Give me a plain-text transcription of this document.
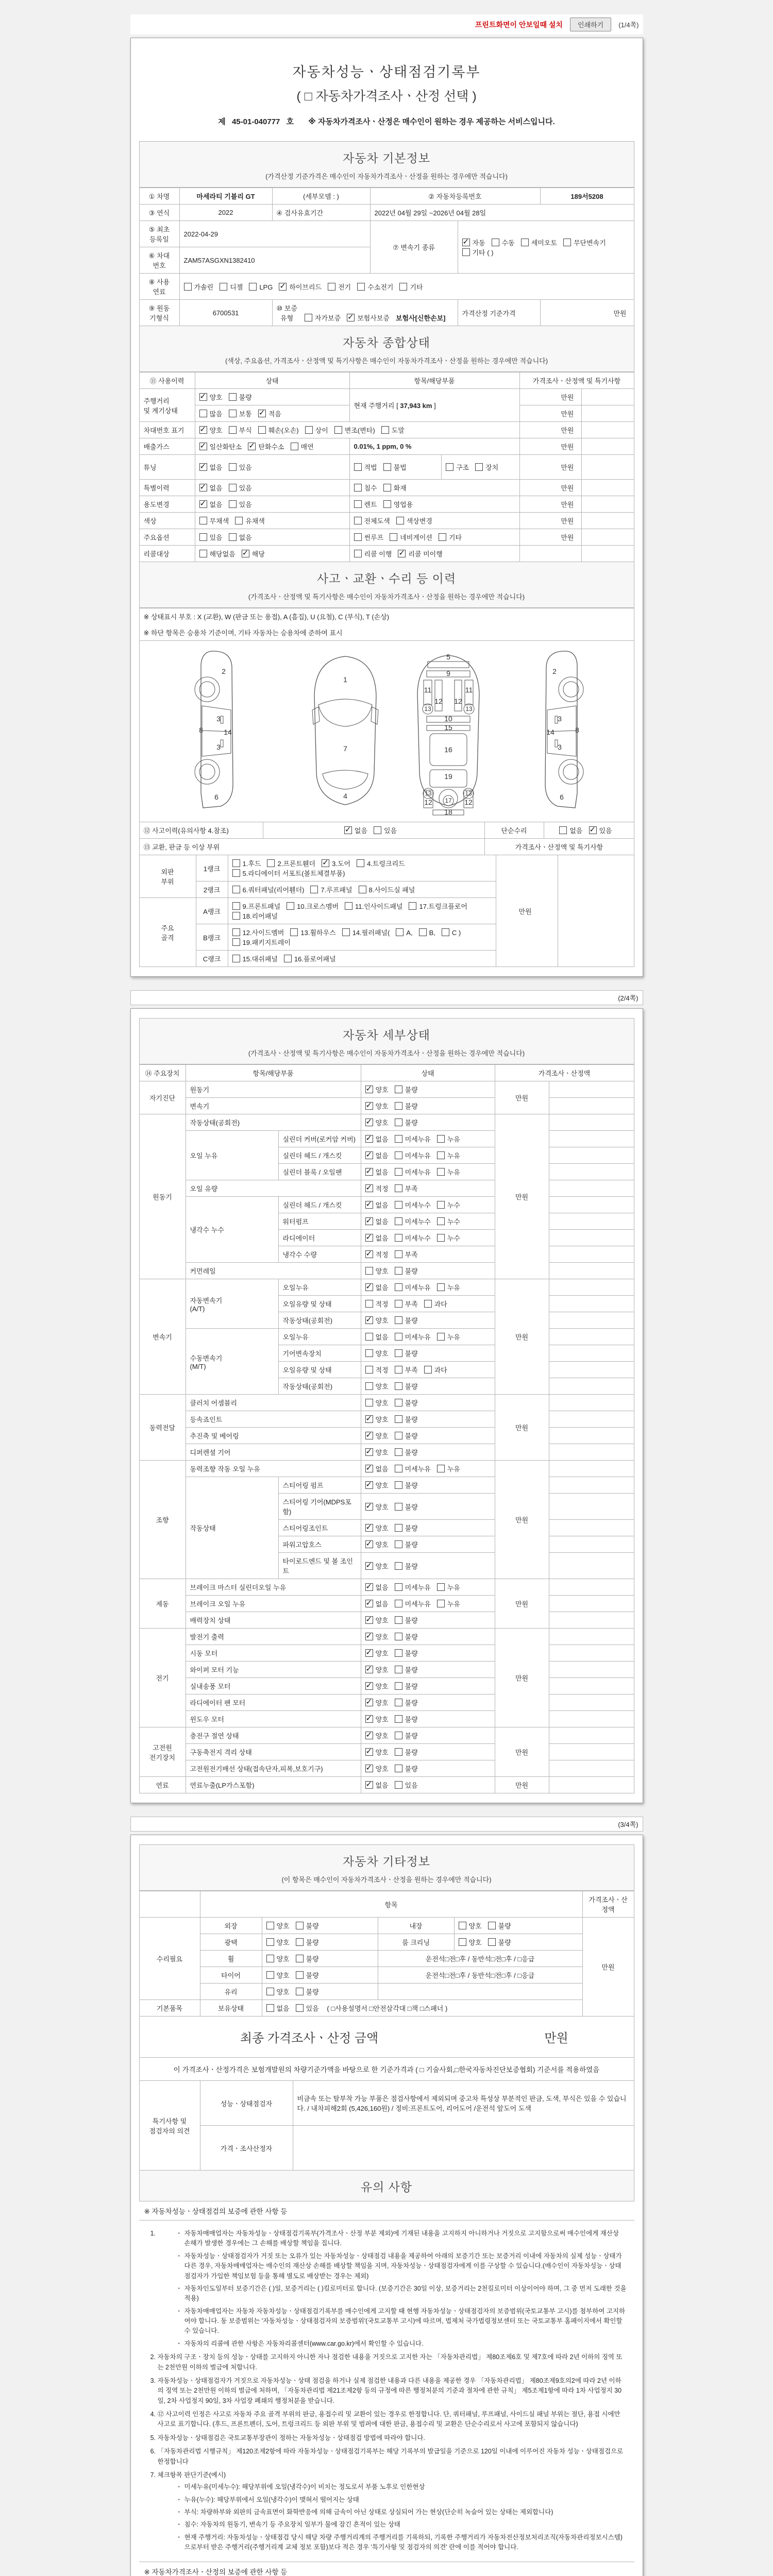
프린트화면이 안보일때 설치	인쇄하기	(1/4쪽)
자동차성능ㆍ상태점검기록부
( □ 자동차가격조사ㆍ산정 선택 )
제 45-01-040777 호 ※ 자동차가격조사ㆍ산정은 매수인이 원하는 경우 제공하는 서비스입니다.
자동차 기본정보
(가격산정 기준가격은 매수인이 자동차가격조사ㆍ산정을 원하는 경우에만 적습니다)
① 차명	마세라티 기블리 GT	(세부모델 : )	② 자동차등록번호		189서5208
③ 연식	2022	④ 검사유효기간	2022년 04월 29일 ~2026년 04월 28일		
⑤ 최초
등록일	2022-04-29		⑦ 변속기 종류	✓자동 수동 세미오토 무단변속기
기타 ( )
⑥ 차대
번호	ZAM57ASGXN1382410				
⑧ 사용
연료	가솔린 디젤 LPG ✓ 하이브리드 전기 수소전기 기타
⑨ 원동
기형식	6700531	⑩ 보증
유형 자가보증 ✓ 보험사보증 보험사[신한손보]		가격산정 기준가격	만원
자동차 종합상태
(색상, 주요옵션, 가격조사ㆍ산정액 및 특기사항은 매수인이 자동차가격조사ㆍ산정을 원하는 경우에만 적습니다)
⑪ 사용이력	상태	항목/해당부품	가격조사ㆍ산정액 및 특기사항	
주행거리
및 계기상태	✓양호 불량	현재 주행거리 [ 37,943 km ]	만원	
	많음 보통 ✓ 적음		만원	
차대번호 표기	✓양호 부식 훼손(오손) 상이 변조(변타) 도말		만원	
배출가스	✓일산화탄소 ✓ 탄화수소 매연	0.01%, 1 ppm, 0 %	만원	
튜닝	✓없음 있음	적법 불법 구조 장치	만원	
특별이력	✓없음 있음	침수 화재	만원	
용도변경	✓없음 있음	렌트 영업용	만원	
색상	무채색 유채색	전체도색 색상변경	만원	
주요옵션	있음 없음	썬루프 네비게이션 기타	만원	
리콜대상	해당없음 ✓ 해당	리콜 이행 ✓ 리콜 미이행		
사고ㆍ교환ㆍ수리 등 이력
(가격조사ㆍ산정액 및 특기사항은 매수인이 자동차가격조사ㆍ산정을 원하는 경우에만 적습니다)
※ 상태표시 부호 : X (교환), W (판금 또는 용접), A (흠집), U (요철), C (부식), T (손상)
※ 하단 항목은 승용차 기준이며, 기타 자동차는 승용차에 준하여 표시

2
3
8	14
3
6
1
7
4
5
9
11	11
12 12
13	13
10
15
16
19
13	13
17
12	12
18
2
3
8
14
3
6
⑫ 사고이력(유의사항 4.참조)	✓없음 있음	단순수리	없음 ✓ 있음
⑬ 교환, 판금 등 이상 부위		가격조사ㆍ산정액 및 특기사항	
외판
부위	1랭크	1.후드 2.프론트휀더 ✓ 3.도어 4.트렁크리드5.라디에이터 서포트(볼트체결부품)	만원	
	2랭크	6.쿼터패널(리어휀더) 7.루프패널 8.사이드실 패널		
주요
골격	A랭크	9.프론트패널 10.크로스멤버 11.인사이드패널 17.트렁크플로어18.리어패널		
	B랭크	12.사이드멤버 13.휠하우스 14.필러패널( A, B, C )19.패키지트레이		
	C랭크	15.대쉬패널 16.플로어패널		
(2/4쪽)
자동차 세부상태
(가격조사ㆍ산정액 및 특기사항은 매수인이 자동차가격조사ㆍ산정을 원하는 경우에만 적습니다)
⑭ 주요장치	항목/해당부품		상태	가격조사ㆍ산정액	
자기진단	원동기	✓양호 불량	만원	
	변속기	✓양호 불량	
원동기	작동상태(공회전)	✓양호 불량	만원	
	오일 누유	실린더 커버(로커암 커버)	✓없음 미세누유 누유	
		실린더 헤드 / 개스킷	✓없음 미세누유 누유	
		실린더 블록 / 오일팬	✓없음 미세누유 누유	
	오일 유량	✓적정 부족	
	냉각수 누수	실린더 헤드 / 개스킷	✓없음 미세누수 누수	
		워터펌프	✓없음 미세누수 누수	
		라디에이터	✓없음 미세누수 누수	
		냉각수 수량	✓적정 부족	
	커먼레일		양호 불량		
변속기	자동변속기
(A/T)	오일누유	✓없음 미세누유 누유	만원	
		오일유량 및 상태	적정 부족 과다		
		작동상태(공회전)	✓양호 불량	
	수동변속기
(M/T)	오일누유	없음 미세누유 누유		
		기어변속장치	양호 불량		
		오일유량 및 상태	적정 부족 과다		
		작동상태(공회전)	양호 불량		
동력전달	클러치 어셈블리		양호 불량	만원	
	등속죠인트	✓양호 불량	
	추진축 및 베어링	✓양호 불량	
	디퍼렌셜 기어	✓양호 불량	
조향	동력조향 작동 오일 누유	✓없음 미세누유 누유	만원	
	작동상태	스티어링 펌프	✓양호 불량	
		스티어링 기어(MDPS포함)	✓양호 불량	
		스티어링조인트	✓양호 불량	
		파워고압호스	✓양호 불량	
		타이로드엔드 및 볼 조인트	✓양호 불량	
제동	브레이크 마스터 실린더오일 누유	✓없음 미세누유 누유	만원	
	브레이크 오일 누유	✓없음 미세누유 누유	
	배력장치 상태	✓양호 불량	
전기	발전기 출력	✓양호 불량	만원	
	시동 모터	✓양호 불량	
	와이퍼 모터 기능	✓양호 불량	
	실내송풍 모터	✓양호 불량	
	라디에이터 팬 모터	✓양호 불량	
	윈도우 모터	✓양호 불량	
고전원
전기장치	충전구 절연 상태	✓양호 불량	만원	
	구동축전지 격리 상태	✓양호 불량	
	고전원전기배선 상태(접속단자,피복,보호기구)	✓양호 불량	
연료	연료누출(LP가스포함)	✓없음 있음	만원	
(3/4쪽)
자동차 기타정보
(이 항목은 매수인이 자동차가격조사ㆍ산정을 원하는 경우에만 적습니다)
	항목				가격조사ㆍ산
정액
수리필요	외장	양호 불량	내장	양호 불량	만원
	광택	양호 불량	룸 크리닝	양호 불량	
	휠	양호 불량	운전석□전□후 / 동반석□전□후 / □응급		
	타이어	양호 불량	운전석□전□후 / 동반석□전□후 / □응급		
	유리	양호 불량			
기본품목	보유상태	없음 있음 ( □사용설명서 □안전삼각대 □잭 □스패너 )			
최종 가격조사ㆍ산정 금액	만원
이 가격조사ㆍ산정가격은 보험개발원의 차량기준가액을 바탕으로 한 기준가격과 ( □ 기술사회,□한국자동차진단보증협회) 기준서를 적용하였음
특기사항 및
점검자의 의견	성능ㆍ상태점검자	비금속 또는 탈부착 가능 부품은 점검사항에서 제외되며 중고차 특성상 부분적인 판금, 도색, 부식은 있을 수 있습니다. / 내차피해2회 (5,426,160원) / 정비:프론트도어, 리어도어 /운전석 앞도어 도색
	가격ㆍ조사산정자	
유의 사항
※ 자동차성능ㆍ상태점검의 보증에 관한 사항 등
· 1. 자동차매매업자는 자동차성능ㆍ상태점검기록부(가격조사ㆍ산정 부분 제외)에 기재된 내용을 고지하지 아니하거나 거짓으로 고지함으로써 매수인에게 재산상 손해가 발생한 경우에는 그 손해를 배상할 책임을 집니다.
· 자동차성능ㆍ상태점검자가 거짓 또는 오류가 있는 자동차성능ㆍ상태점검 내용을 제공하여 아래의 보증기간 또는 보증거리 이내에 자동차의 실제 성능ㆍ상태가 다른 경우, 자동차매매업자는 매수인의 재산상 손해를 배상할 책임을 지며, 자동차성능ㆍ상태점검자에게 이를 구상할 수 있습니다.(매수인이 자동차성능ㆍ상태점검자가 가입한 책임보험 등을 통해 별도로 배상받는 경우는 제외)
· 자동차인도일부터 보증기간은 ( )일, 보증거리는 ( )킬로미터로 합니다. (보증기간은 30일 이상, 보증거리는 2천킬로미터 이상이어야 하며, 그 중 먼저 도래한 것을 적용)
· 자동차매매업자는 자동차 자동차성능ㆍ상태점검기록부를 매수인에게 고지할 때 현행 자동차성능ㆍ상태점검자의 보증범위(국토교통부 고시)를 첨부하여 고지하여야 합니다. 동 보증범위는 '자동차성능ㆍ상태점검자의 보증범위'(국토교통부 고시)에 따르며, 법제처 국가법령정보센터 또는 국토교통부 홈페이지에서 확인할 수 있습니다.
· 자동차의 리콜에 관한 사항은 자동차리콜센터(www.car.go.kr)에서 확인할 수 있습니다.
2. 자동차의 구조ㆍ장치 등의 성능ㆍ상태를 고지하지 아니한 자나 점검한 내용을 거짓으로 고지한 자는 「자동차관리법」 제80조제6호 및 제7호에 따라 2년 이하의 징역 또는 2천만원 이하의 벌금에 처합니다.
3. 자동차성능ㆍ상태점검자가 거짓으로 자동차성능ㆍ상태 점검을 하거나 실제 점검한 내용과 다른 내용을 제공한 경우 「자동차관리법」 제80조제9호의2에 따라 2년 이하의 징역 또는 2천만원 이하의 벌금에 처하며, 「자동차관리법 제21조제2항 등의 규정에 따른 행정처분의 기준과 절차에 관한 규칙」 제5조제1항에 따라 1차 사업정지 30일, 2차 사업정지 90일, 3차 사업장 폐쇄의 행정처분을 받습니다.
4. ⑫ 사고이력 인정은 사고로 자동차 주요 골격 부위의 판금, 용접수리 및 교환이 있는 경우로 한정합니다. 단, 쿼터패널, 루프패널, 사이드실 패널 부위는 절단, 용접 시에만 사고로 표기합니다. (후드, 프론트펜더, 도어, 트렁크리드 등 외판 부위 및 범퍼에 대한 판금, 용접수리 및 교환은 단순수리로서 사고에 포함되지 않습니다)
5. 자동차성능ㆍ상태점검은 국토교통부장관이 정하는 자동차성능ㆍ상태점검 방법에 따라야 합니다.
6. 「자동차관리법 시행규칙」 제120조제2항에 따라 자동차성능ㆍ상태점검기록부는 해당 기록부의 발급일을 기준으로 120일 이내에 이루어진 자동차 성능ㆍ상태점검으로 한정합니다
7. 체크항목 판단기준(예시)
· 미세누유(미세누수): 해당부위에 오일(냉각수)이 비치는 정도로서 부품 노후로 인한현상
· 누유(누수): 해당부위에서 오일(냉각수)이 맺혀서 떨어지는 상태
· 부식: 차량하부와 외판의 금속표면이 화학반응에 의해 금속이 아닌 상태로 상실되어 가는 현상(단순히 녹슬어 있는 상태는 제외합니다)
· 침수: 자동차의 원동기, 변속기 등 주요장치 일부가 물에 잠긴 흔적이 있는 상태
· 현재 주행거리: 자동차성능ㆍ상태점검 당시 해당 차량 주행거리계의 주행거리를 기록하되, 기록한 주행거리가 자동차전산정보처리조직(자동차관리정보시스템)으로부터 받은 주행거리(주행거리계 교체 정보 포함)보다 적은 경우 '특기사항 및 점검자의 의견' 란에 이를 적어야 합니다.
※ 자동차가격조사ㆍ산정의 보증에 관한 사항 등
